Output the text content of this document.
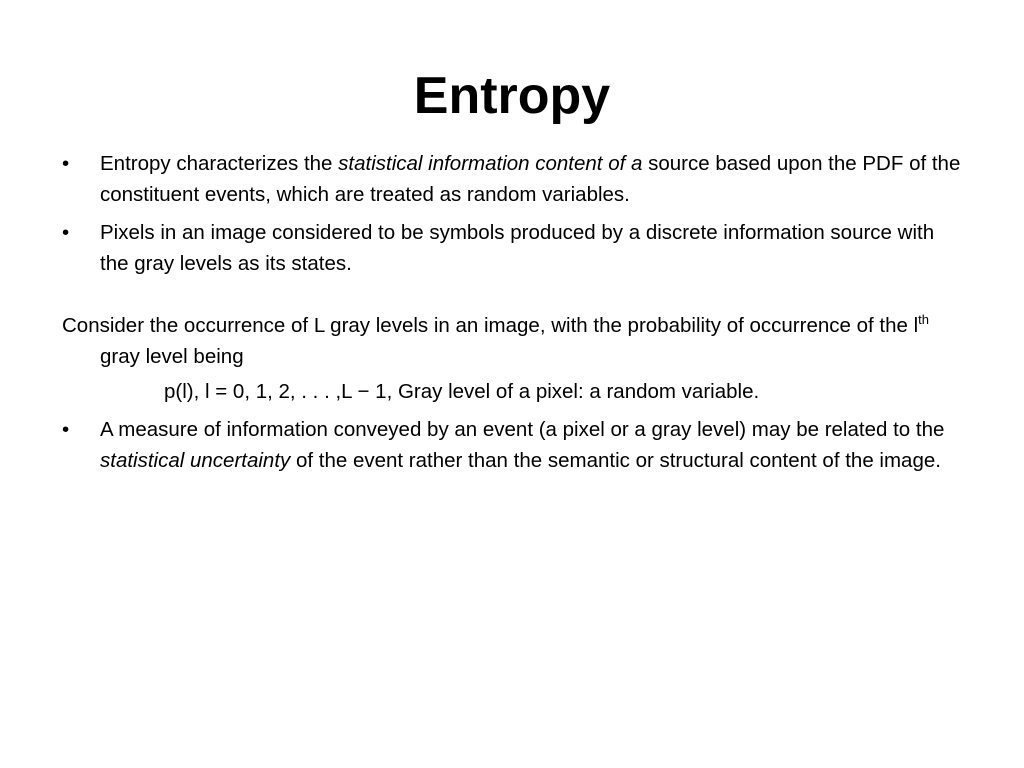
Entropy
•	Entropy characterizes the statistical information content of a source based upon the PDF of the constituent events, which are treated as random variables.
•	Pixels in an image considered to be symbols produced by a discrete information source with the gray levels as its states.
Consider the occurrence of L gray levels in an image, with the probability of occurrence of the $l^{th}$ gray level being
p(l), l = 0, 1, 2, . . . ,L − 1, Gray level of a pixel: a random variable.
•	A measure of information conveyed by an event (a pixel or a gray level) may be related to the statistical uncertainty of the event rather than the semantic or structural content of the image.
